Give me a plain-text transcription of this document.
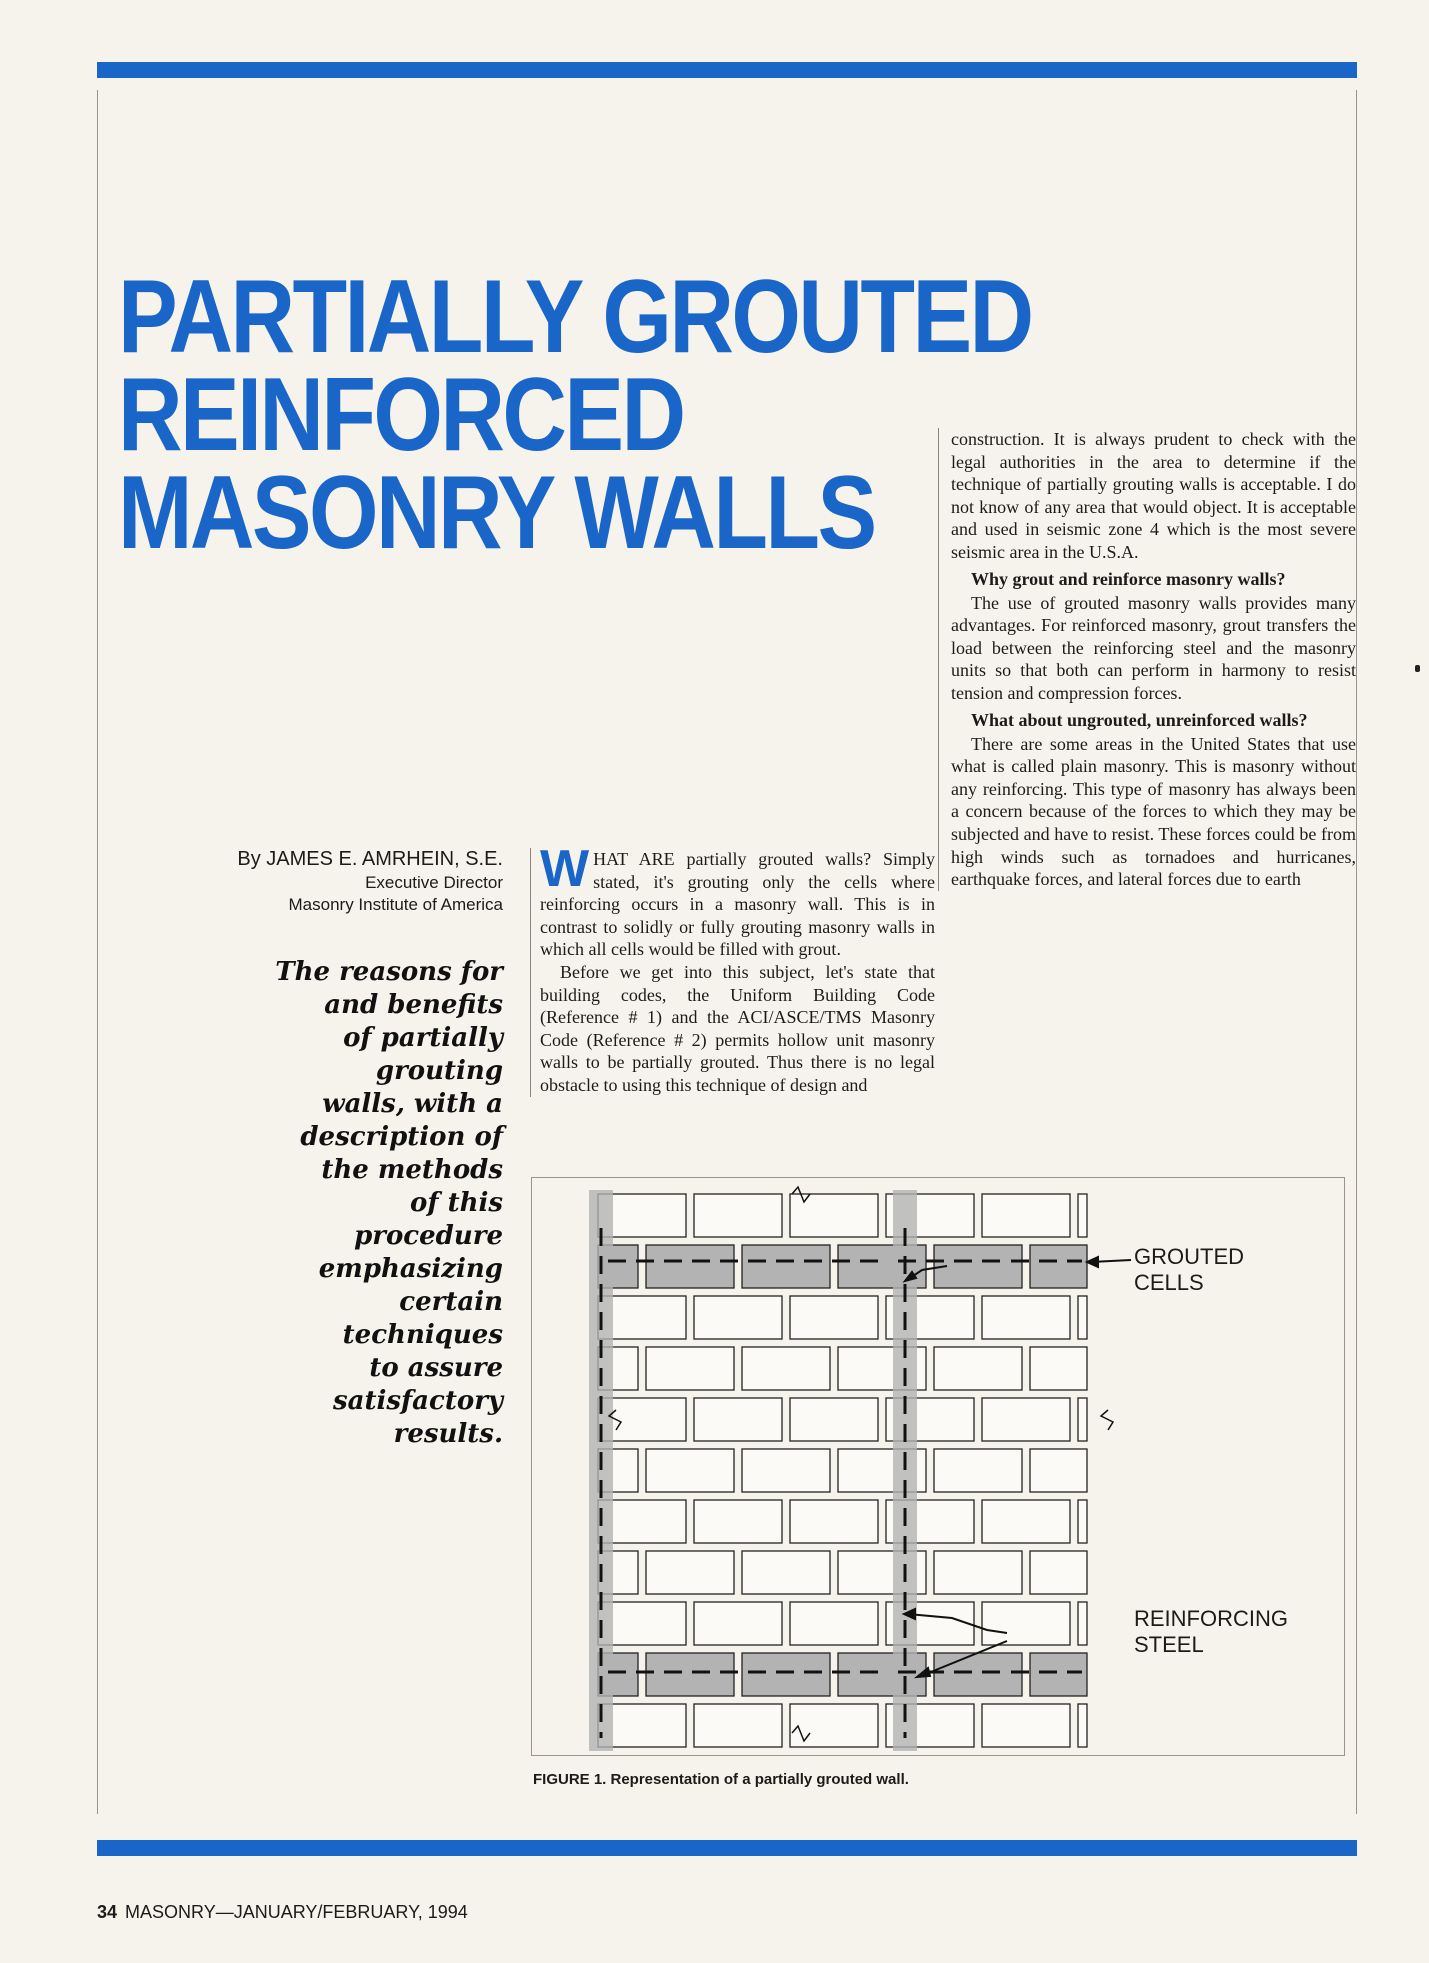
PARTIALLY GROUTED
REINFORCED
MASONRY WALLS
By JAMES E. AMRHEIN, S.E.
Executive Director
Masonry Institute of America
The reasons for
and benefits
of partially
grouting
walls, with a
description of
the methods
of this
procedure
emphasizing
certain
techniques
to assure
satisfactory
results.

WHAT ARE partially grouted walls? Simply stated, it's grouting only the cells where reinforcing occurs in a masonry wall. This is in contrast to solidly or fully grouting masonry walls in which all cells would be filled with grout.

Before we get into this subject, let's state that building codes, the Uniform Building Code (Reference # 1) and the ACI/ASCE/TMS Masonry Code (Reference # 2) permits hollow unit masonry walls to be partially grouted. Thus there is no legal obstacle to using this technique of design and

construction. It is always prudent to check with the legal authorities in the area to determine if the technique of partially grouting walls is acceptable. I do not know of any area that would object. It is acceptable and used in seismic zone 4 which is the most severe seismic area in the U.S.A.

Why grout and reinforce masonry walls?

The use of grouted masonry walls provides many advantages. For reinforced masonry, grout transfers the load between the reinforcing steel and the masonry units so that both can perform in harmony to resist tension and compression forces.

What about ungrouted, unreinforced walls?

There are some areas in the United States that use what is called plain masonry. This is masonry without any reinforcing. This type of masonry has always been a concern because of the forces to which they may be subjected and have to resist. These forces could be from high winds such as tornadoes and hurricanes, earthquake forces, and lateral forces due to earth

GROUTED
CELLS
REINFORCING
STEEL
FIGURE 1. Representation of a partially grouted wall.
34 MASONRY—JANUARY/FEBRUARY, 1994
